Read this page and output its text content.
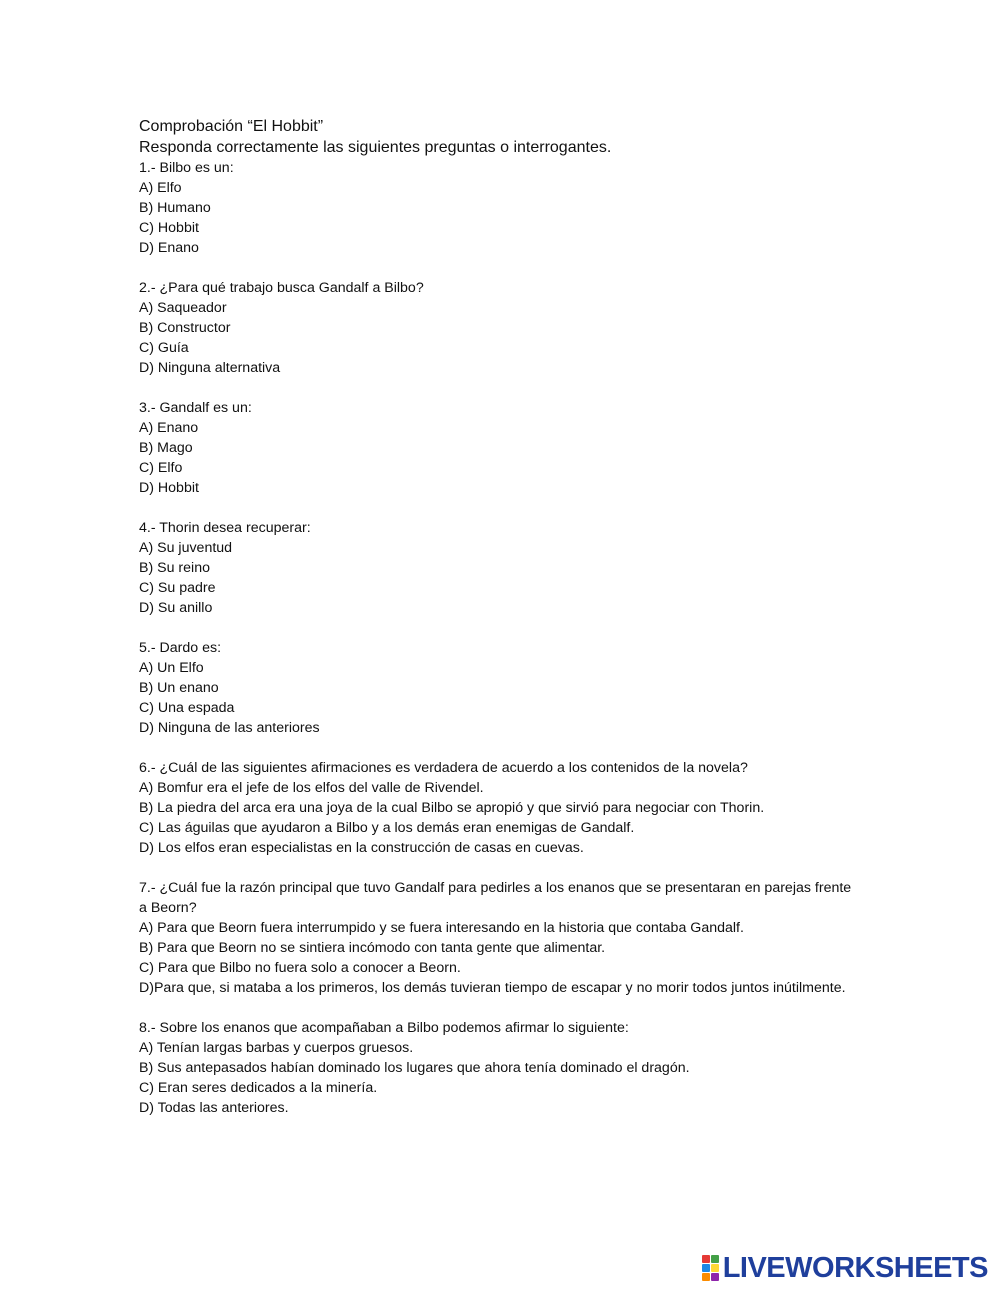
Comprobación “El Hobbit”
Responda correctamente las siguientes preguntas o interrogantes.
1.- Bilbo es un:
A) Elfo
B) Humano
C) Hobbit
D) Enano
2.- ¿Para qué trabajo busca Gandalf a Bilbo?
A) Saqueador
B) Constructor
C) Guía
D) Ninguna alternativa
3.- Gandalf es un:
A) Enano
B) Mago
C) Elfo
D) Hobbit
4.- Thorin desea recuperar:
A) Su juventud
B) Su reino
C) Su padre
D) Su anillo
5.- Dardo es:
A) Un Elfo
B) Un enano
C) Una espada
D) Ninguna de las anteriores
6.- ¿Cuál de las siguientes afirmaciones es verdadera de acuerdo a los contenidos de la novela?
A) Bomfur era el jefe de los elfos del valle de Rivendel.
B) La piedra del arca era una joya de la cual Bilbo se apropió y que sirvió para negociar con Thorin.
C) Las águilas que ayudaron a Bilbo y a los demás eran enemigas de Gandalf.
D) Los elfos eran especialistas en la construcción de casas en cuevas.
7.- ¿Cuál fue la razón principal que tuvo Gandalf para pedirles a los enanos que se presentaran en parejas frente a Beorn?
A) Para que Beorn fuera interrumpido y se fuera interesando en la historia que contaba Gandalf.
B) Para que Beorn no se sintiera incómodo con tanta gente que alimentar.
C) Para que Bilbo no fuera solo a conocer a Beorn.
D)Para que, si mataba a los primeros, los demás tuvieran tiempo de escapar y no morir todos juntos inútilmente.
8.- Sobre los enanos que acompañaban a Bilbo podemos afirmar lo siguiente:
A) Tenían largas barbas y cuerpos gruesos.
B) Sus antepasados habían dominado los lugares que ahora tenía dominado el dragón.
C) Eran seres dedicados a la minería.
D) Todas las anteriores.
LIVEWORKSHEETS
